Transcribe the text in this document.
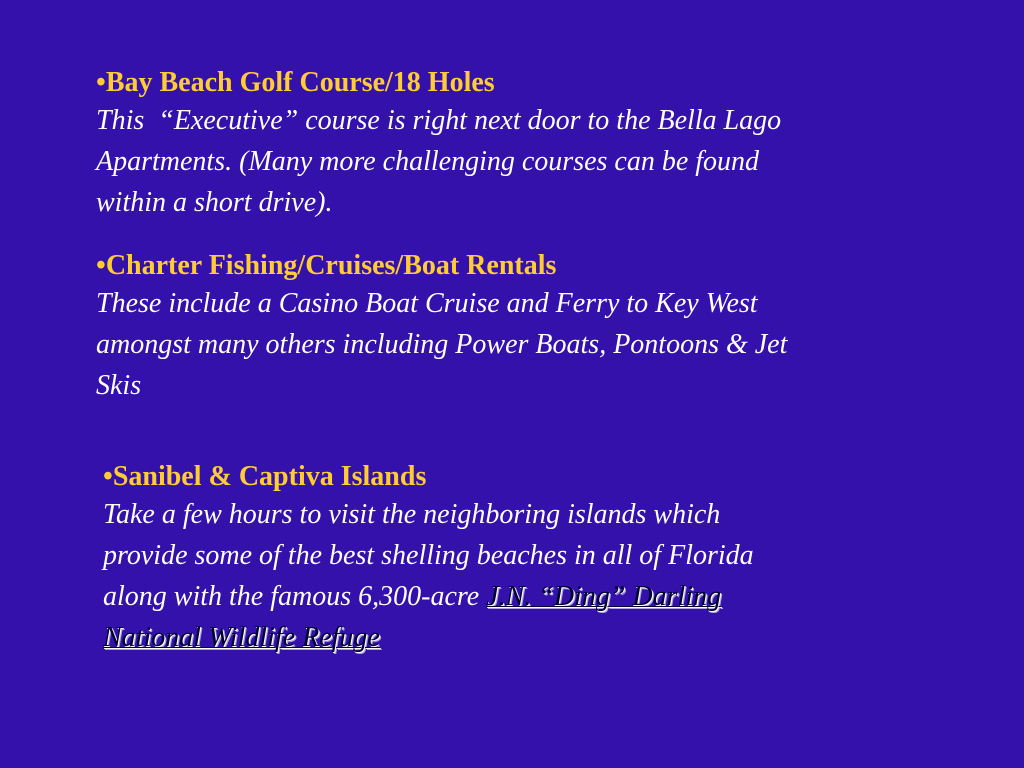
•Bay Beach Golf Course/18 Holes
This  “Executive” course is right next door to the Bella Lago
Apartments. (Many more challenging courses can be found
within a short drive).
•Charter Fishing/Cruises/Boat Rentals
These include a Casino Boat Cruise and Ferry to Key West
amongst many others including Power Boats, Pontoons & Jet
Skis
•Sanibel & Captiva Islands
Take a few hours to visit the neighboring islands which
provide some of the best shelling beaches in all of Florida
along with the famous 6,300-acre J.N. “Ding” Darling
National Wildlife Refuge
